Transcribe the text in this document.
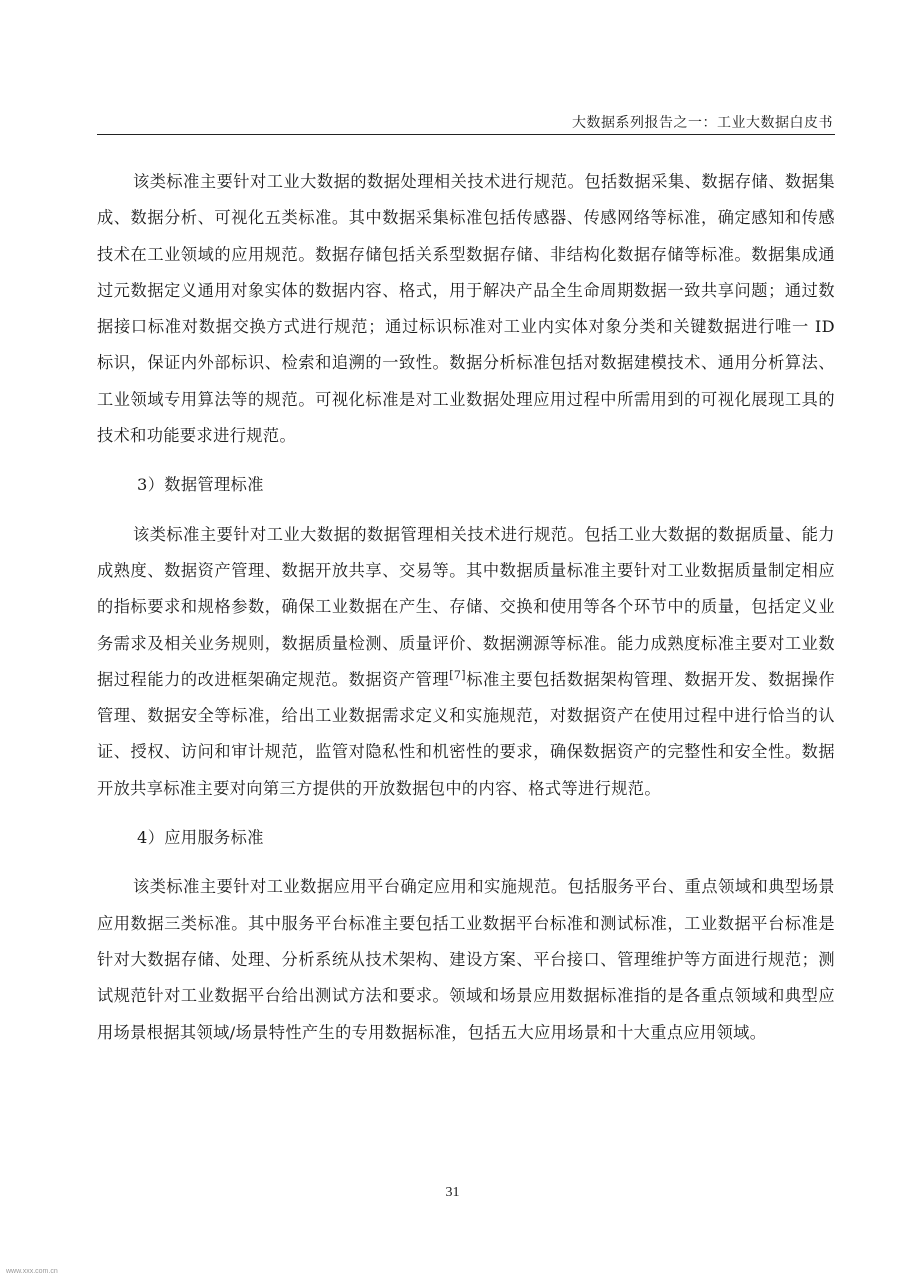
大数据系列报告之一：工业大数据白皮书

该类标准主要针对工业大数据的数据处理相关技术进行规范。包括数据采集、数据存储、数据集成、数据分析、可视化五类标准。其中数据采集标准包括传感器、传感网络等标准，确定感知和传感技术在工业领域的应用规范。数据存储包括关系型数据存储、非结构化数据存储等标准。数据集成通过元数据定义通用对象实体的数据内容、格式，用于解决产品全生命周期数据一致共享问题；通过数据接口标准对数据交换方式进行规范；通过标识标准对工业内实体对象分类和关键数据进行唯一 ID 标识，保证内外部标识、检索和追溯的一致性。数据分析标准包括对数据建模技术、通用分析算法、工业领域专用算法等的规范。可视化标准是对工业数据处理应用过程中所需用到的可视化展现工具的技术和功能要求进行规范。

3）数据管理标准

该类标准主要针对工业大数据的数据管理相关技术进行规范。包括工业大数据的数据质量、能力成熟度、数据资产管理、数据开放共享、交易等。其中数据质量标准主要针对工业数据质量制定相应的指标要求和规格参数，确保工业数据在产生、存储、交换和使用等各个环节中的质量，包括定义业务需求及相关业务规则，数据质量检测、质量评价、数据溯源等标准。能力成熟度标准主要对工业数据过程能力的改进框架确定规范。数据资产管理[7]标准主要包括数据架构管理、数据开发、数据操作管理、数据安全等标准，给出工业数据需求定义和实施规范，对数据资产在使用过程中进行恰当的认证、授权、访问和审计规范，监管对隐私性和机密性的要求，确保数据资产的完整性和安全性。数据开放共享标准主要对向第三方提供的开放数据包中的内容、格式等进行规范。

4）应用服务标准

该类标准主要针对工业数据应用平台确定应用和实施规范。包括服务平台、重点领域和典型场景应用数据三类标准。其中服务平台标准主要包括工业数据平台标准和测试标准，工业数据平台标准是针对大数据存储、处理、分析系统从技术架构、建设方案、平台接口、管理维护等方面进行规范；测试规范针对工业数据平台给出测试方法和要求。领域和场景应用数据标准指的是各重点领域和典型应用场景根据其领域/场景特性产生的专用数据标准，包括五大应用场景和十大重点应用领域。

31
www.xxx.com.cn
